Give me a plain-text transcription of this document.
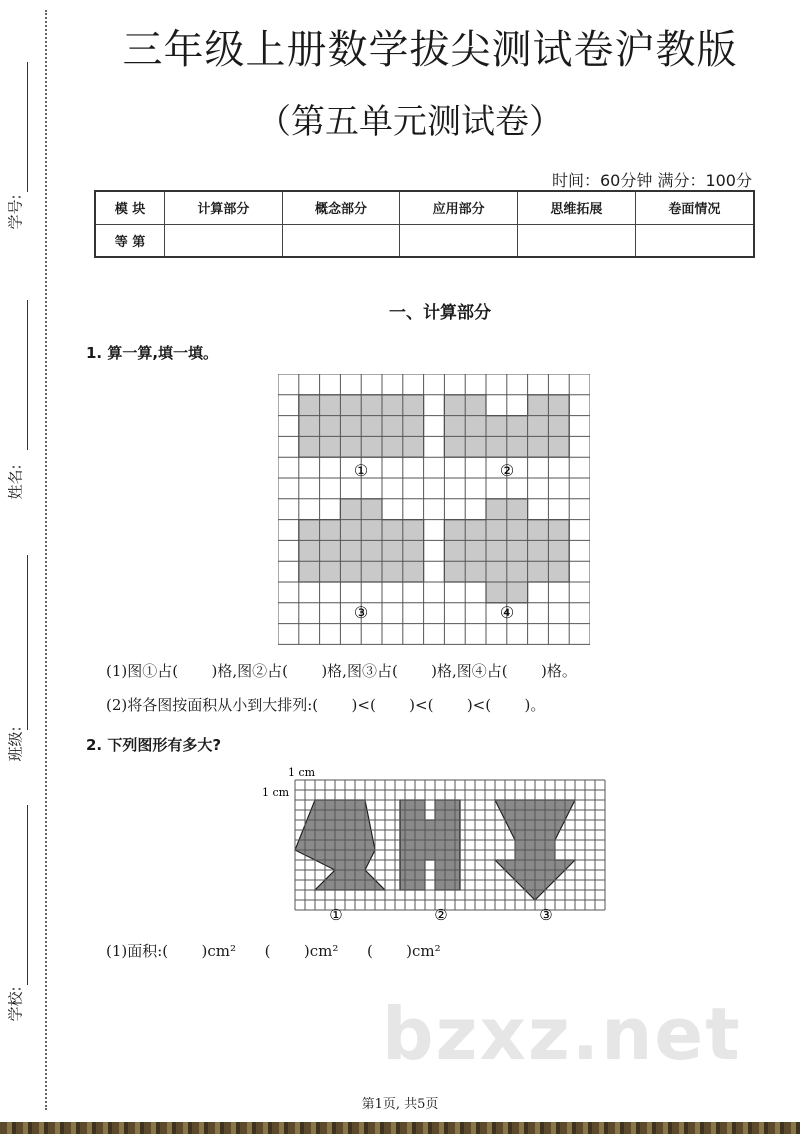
学号:
姓名:
班级:
学校:
三年级上册数学拔尖测试卷沪教版
（第五单元测试卷）
时间：60分钟 满分：100分
模 块	计算部分	概念部分	应用部分	思维拓展	卷面情况
等 第					
一、计算部分
1. 算一算,填一填。
①	②
③	④
(1)图①占(       )格,图②占(       )格,图③占(       )格,图④占(       )格。
(2)将各图按面积从小到大排列:(       )<(       )<(       )<(       )。
2. 下列图形有多大?
1 cm
1 cm
①	②	③
(1)面积:(       )cm²      (       )cm²      (       )cm²
bzxz.net
第1页, 共5页
